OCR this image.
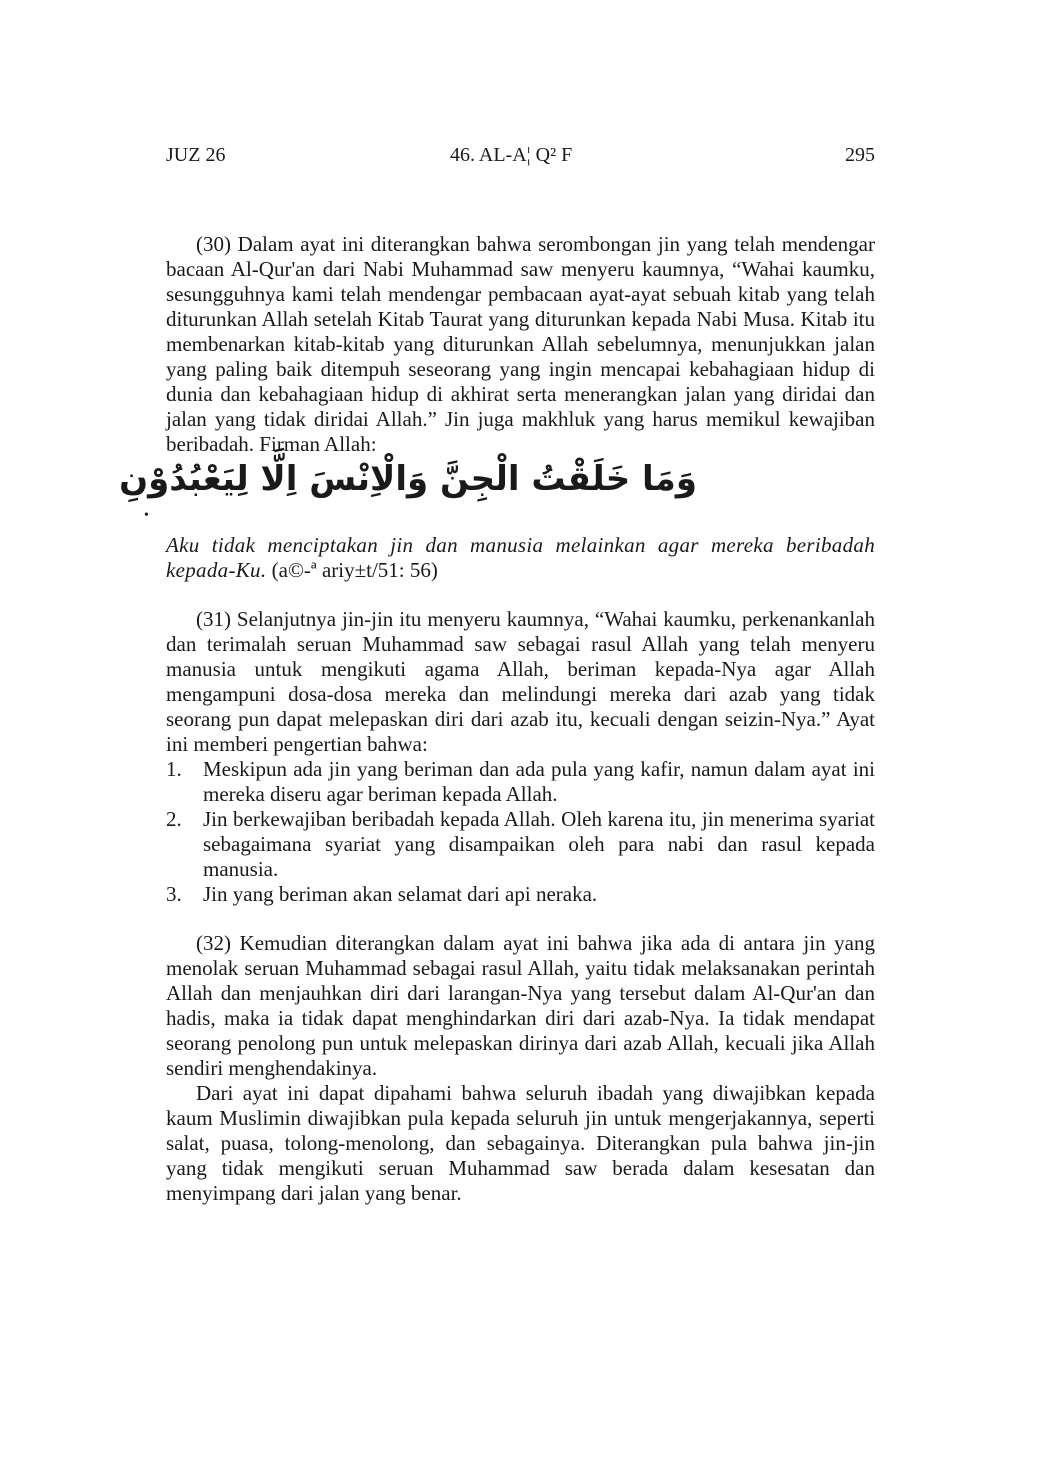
JUZ 26	46. AL-A¦ Q² F	295

(30) Dalam ayat ini diterangkan bahwa serombongan jin yang telah mendengar bacaan Al-Qur'an dari Nabi Muhammad saw menyeru kaumnya, “Wahai kaumku, sesungguhnya kami telah mendengar pembacaan ayat-ayat sebuah kitab yang telah diturunkan Allah setelah Kitab Taurat yang diturunkan kepada Nabi Musa. Kitab itu membenarkan kitab-kitab yang diturunkan Allah sebelumnya, menunjukkan jalan yang paling baik ditempuh seseorang yang ingin mencapai kebahagiaan hidup di dunia dan kebahagiaan hidup di akhirat serta menerangkan jalan yang diridai dan jalan yang tidak diridai Allah.” Jin juga makhluk yang harus memikul kewajiban beribadah. Firman Allah:

•
وَمَا خَلَقْتُ الْجِنَّ وَالْاِنْسَ اِلَّا لِيَعْبُدُوْنِ

Aku tidak menciptakan jin dan manusia melainkan agar mereka beribadah kepada-Ku. (a©-ª ariy±t/51: 56)

(31) Selanjutnya jin-jin itu menyeru kaumnya, “Wahai kaumku, perkenankanlah dan terimalah seruan Muhammad saw sebagai rasul Allah yang telah menyeru manusia untuk mengikuti agama Allah, beriman kepada-Nya agar Allah mengampuni dosa-dosa mereka dan melindungi mereka dari azab yang tidak seorang pun dapat melepaskan diri dari azab itu, kecuali dengan seizin-Nya.” Ayat ini memberi pengertian bahwa:

1. Meskipun ada jin yang beriman dan ada pula yang kafir, namun dalam ayat ini mereka diseru agar beriman kepada Allah.
2. Jin berkewajiban beribadah kepada Allah. Oleh karena itu, jin menerima syariat sebagaimana syariat yang disampaikan oleh para nabi dan rasul kepada manusia.
3. Jin yang beriman akan selamat dari api neraka.

(32) Kemudian diterangkan dalam ayat ini bahwa jika ada di antara jin yang menolak seruan Muhammad sebagai rasul Allah, yaitu tidak melaksanakan perintah Allah dan menjauhkan diri dari larangan-Nya yang tersebut dalam Al-Qur'an dan hadis, maka ia tidak dapat menghindarkan diri dari azab-Nya. Ia tidak mendapat seorang penolong pun untuk melepaskan dirinya dari azab Allah, kecuali jika Allah sendiri menghendakinya.

Dari ayat ini dapat dipahami bahwa seluruh ibadah yang diwajibkan kepada kaum Muslimin diwajibkan pula kepada seluruh jin untuk mengerjakannya, seperti salat, puasa, tolong-menolong, dan sebagainya. Diterangkan pula bahwa jin-jin yang tidak mengikuti seruan Muhammad saw berada dalam kesesatan dan menyimpang dari jalan yang benar.
